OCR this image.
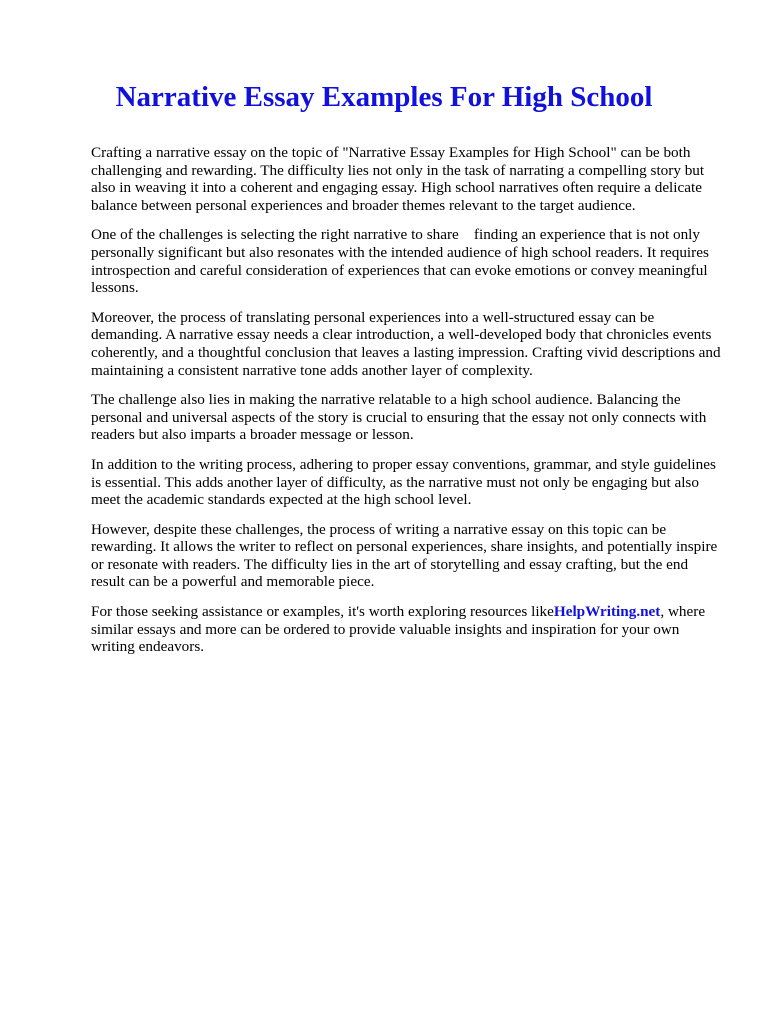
Narrative Essay Examples For High School

Crafting a narrative essay on the topic of "Narrative Essay Examples for High School" can be both challenging and rewarding. The difficulty lies not only in the task of narrating a compelling story but also in weaving it into a coherent and engaging essay. High school narratives often require a delicate balance between personal experiences and broader themes relevant to the target audience.

One of the challenges is selecting the right narrative to share    finding an experience that is not only personally significant but also resonates with the intended audience of high school readers. It requires introspection and careful consideration of experiences that can evoke emotions or convey meaningful lessons.

Moreover, the process of translating personal experiences into a well-structured essay can be demanding. A narrative essay needs a clear introduction, a well-developed body that chronicles events coherently, and a thoughtful conclusion that leaves a lasting impression. Crafting vivid descriptions and maintaining a consistent narrative tone adds another layer of complexity.

The challenge also lies in making the narrative relatable to a high school audience. Balancing the personal and universal aspects of the story is crucial to ensuring that the essay not only connects with readers but also imparts a broader message or lesson.

In addition to the writing process, adhering to proper essay conventions, grammar, and style guidelines is essential. This adds another layer of difficulty, as the narrative must not only be engaging but also meet the academic standards expected at the high school level.

However, despite these challenges, the process of writing a narrative essay on this topic can be rewarding. It allows the writer to reflect on personal experiences, share insights, and potentially inspire or resonate with readers. The difficulty lies in the art of storytelling and essay crafting, but the end result can be a powerful and memorable piece.

For those seeking assistance or examples, it's worth exploring resources likeHelpWriting.net, where similar essays and more can be ordered to provide valuable insights and inspiration for your own writing endeavors.
